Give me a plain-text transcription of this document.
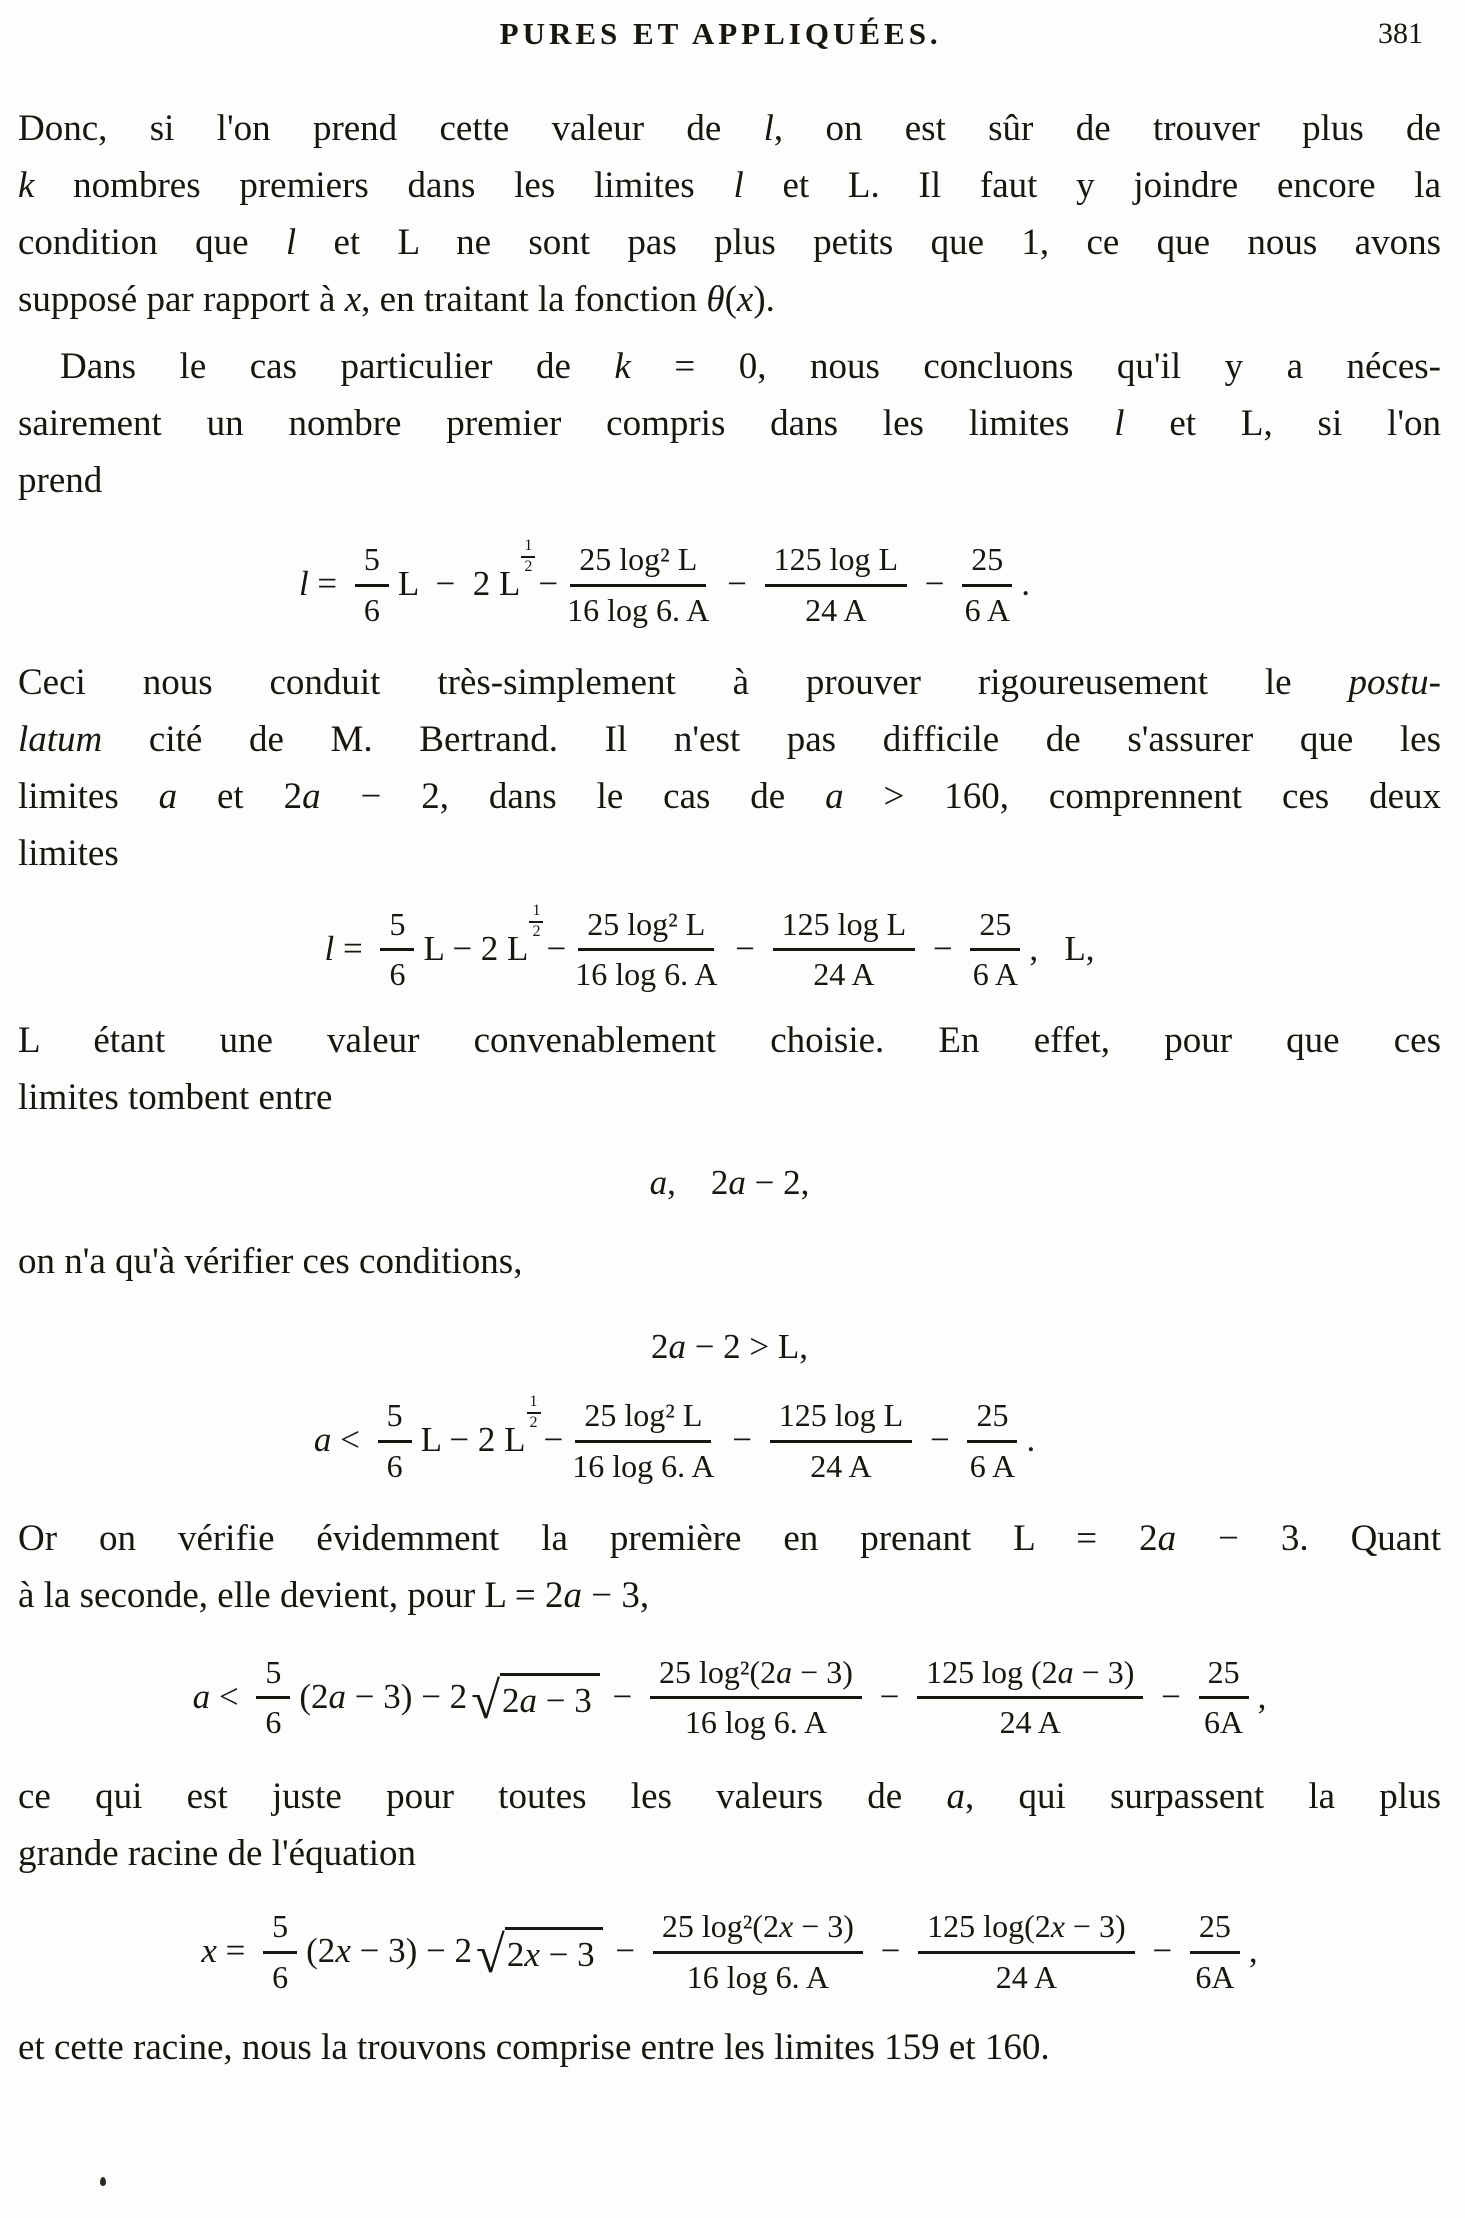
PURES ET APPLIQUÉES.	381
Donc, si l'on prend cette valeur de l, on est sûr de trouver plus de
k nombres premiers dans les limites l et L. Il faut y joindre encore la
condition que l et L ne sont pas plus petits que 1, ce que nous avons
supposé par rapport à x, en traitant la fonction θ(x).
Dans le cas particulier de k = 0, nous concluons qu'il y a néces-
sairement un nombre premier compris dans les limites l et L, si l'on
prend
$l = \frac{5}{6}$ L  −  2 L
$\frac{1}{2}$
− $\frac{\text{25 log² L}}{16 \log 6. A} - \frac{\text{125 log L}}{24 A} - \frac{25}{6 A}$ .
Ceci nous conduit très-simplement à prouver rigoureusement le postu-
latum cité de M. Bertrand. Il n'est pas difficile de s'assurer que les
limites a et 2a − 2, dans le cas de a > 160, comprennent ces deux
limites
$l = \frac{5}{6}$ L − 2 L
$\frac{1}{2}$
− $\frac{\text{25 log² L}}{16 \log 6. A} - \frac{\text{125 log L}}{24 A} - \frac{25}{6 A}$ ,   L,
L étant une valeur convenablement choisie. En effet, pour que ces
limites tombent entre
a,    2a − 2,
on n'a qu'à vérifier ces conditions,
2a − 2 > L,
$a < \frac{5}{6}$ L − 2 L
$\frac{1}{2}$
− $\frac{\text{25 log² L}}{16 \log 6. A} - \frac{\text{125 log L}}{24 A} - \frac{25}{6 A}$ .
Or on vérifie évidemment la première en prenant L = 2a − 3. Quant
à la seconde, elle devient, pour L = 2a − 3,
$a < \frac{5}{6} (2a - 3) - 2$ √ $2a - 3 - \frac{\text{25 log²(2a − 3)}}{16 \log 6. A} - \frac{125 \log (2a - 3)}{24 A} - \frac{25}{6A}$ ,
ce qui est juste pour toutes les valeurs de a, qui surpassent la plus
grande racine de l'équation
$x = \frac{5}{6} (2x - 3) - 2$ √ $2x - 3 - \frac{\text{25 log²(2x − 3)}}{16 \log 6. A} - \frac{125 \log(2x - 3)}{24 A} - \frac{25}{6A}$ ,
et cette racine, nous la trouvons comprise entre les limites 159 et 160.
